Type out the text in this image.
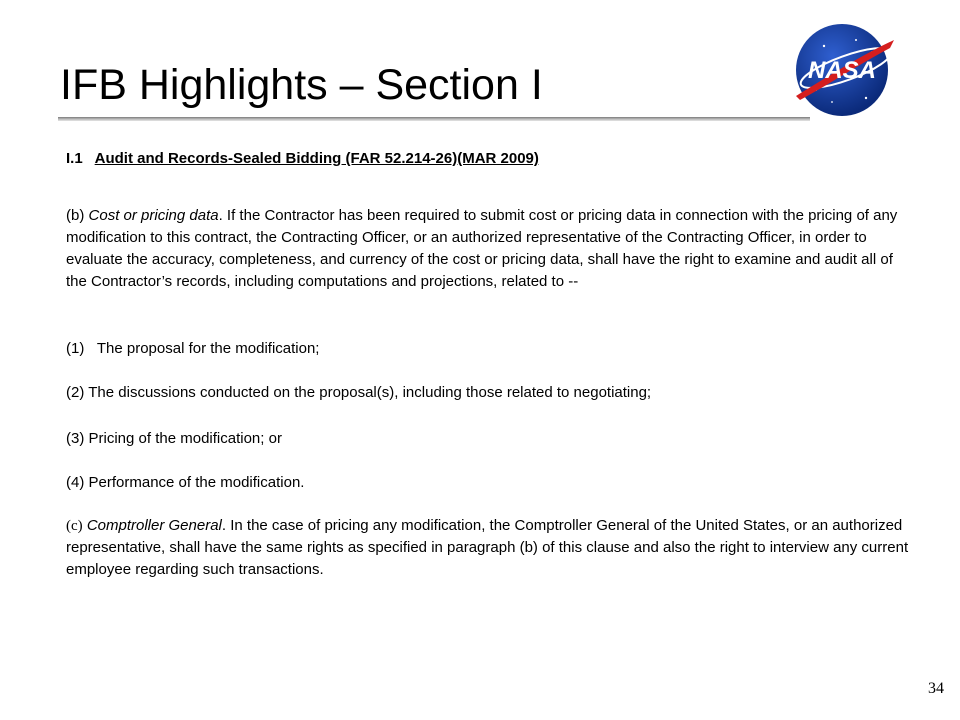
IFB Highlights – Section I	NASA
I.1 Audit and Records-Sealed Bidding (FAR 52.214-26)(MAR 2009)
(b) Cost or pricing data. If the Contractor has been required to submit cost or pricing data in connection with the pricing of any modification to this contract, the Contracting Officer, or an authorized representative of the Contracting Officer, in order to evaluate the accuracy, completeness, and currency of the cost or pricing data, shall have the right to examine and audit all of the Contractor’s records, including computations and projections, related to --
(1) The proposal for the modification;
(2) The discussions conducted on the proposal(s), including those related to negotiating;
(3) Pricing of the modification; or
(4) Performance of the modification.
(c) Comptroller General. In the case of pricing any modification, the Comptroller General of the United States, or an authorized representative, shall have the same rights as specified in paragraph (b) of this clause and also the right to interview any current employee regarding such transactions.
34
